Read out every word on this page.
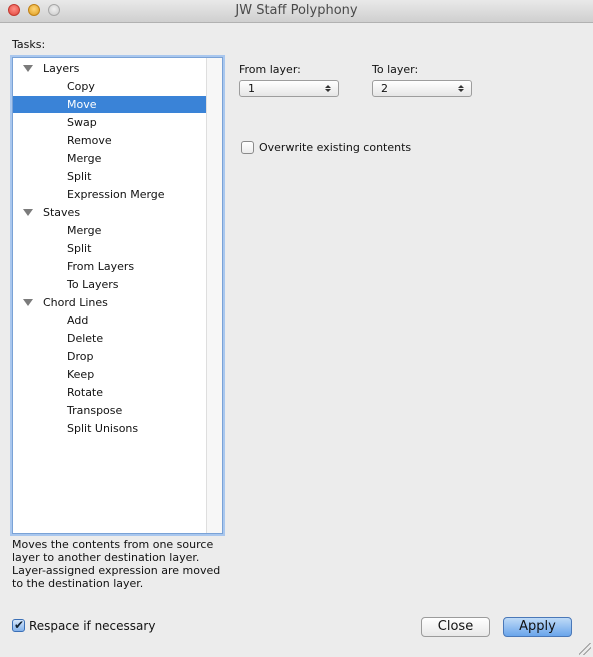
JW Staff Polyphony
Tasks:
Layers
Copy
Move
Swap
Remove
Merge
Split
Expression Merge
Staves
Merge
Split
From Layers
To Layers
Chord Lines
Add
Delete
Drop
Keep
Rotate
Transpose
Split Unisons
Moves the contents from one source layer to another destination layer. Layer-assigned expression are moved to the destination layer.
From layer:
1
To layer:
2
Overwrite existing contents
✔ Respace if necessary	Close	Apply
